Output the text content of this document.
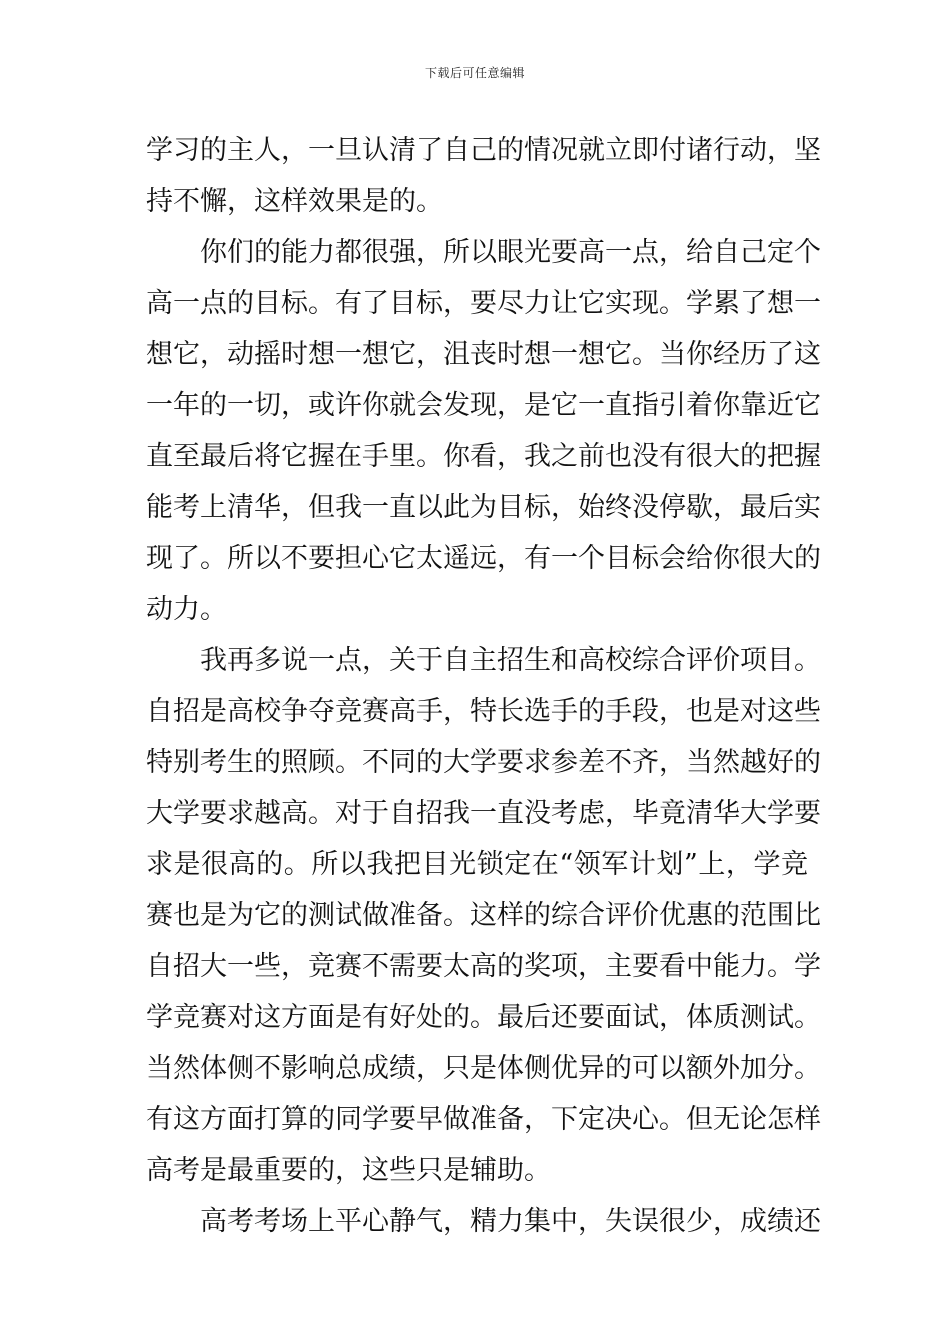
下载后可任意编辑
学习的主人，一旦认清了自己的情况就立即付诸行动，坚
持不懈，这样效果是的。
你们的能力都很强，所以眼光要高一点，给自己定个
高一点的目标。有了目标，要尽力让它实现。学累了想一
想它，动摇时想一想它，沮丧时想一想它。当你经历了这
一年的一切，或许你就会发现，是它一直指引着你靠近它
直至最后将它握在手里。你看，我之前也没有很大的把握
能考上清华，但我一直以此为目标，始终没停歇，最后实
现了。所以不要担心它太遥远，有一个目标会给你很大的
动力。
我再多说一点，关于自主招生和高校综合评价项目。
自招是高校争夺竞赛高手，特长选手的手段，也是对这些
特别考生的照顾。不同的大学要求参差不齐，当然越好的
大学要求越高。对于自招我一直没考虑，毕竟清华大学要
求是很高的。所以我把目光锁定在“领军计划”上，学竞
赛也是为它的测试做准备。这样的综合评价优惠的范围比
自招大一些，竞赛不需要太高的奖项，主要看中能力。学
学竞赛对这方面是有好处的。最后还要面试，体质测试。
当然体侧不影响总成绩，只是体侧优异的可以额外加分。
有这方面打算的同学要早做准备，下定决心。但无论怎样
高考是最重要的，这些只是辅助。
高考考场上平心静气，精力集中，失误很少，成绩还
